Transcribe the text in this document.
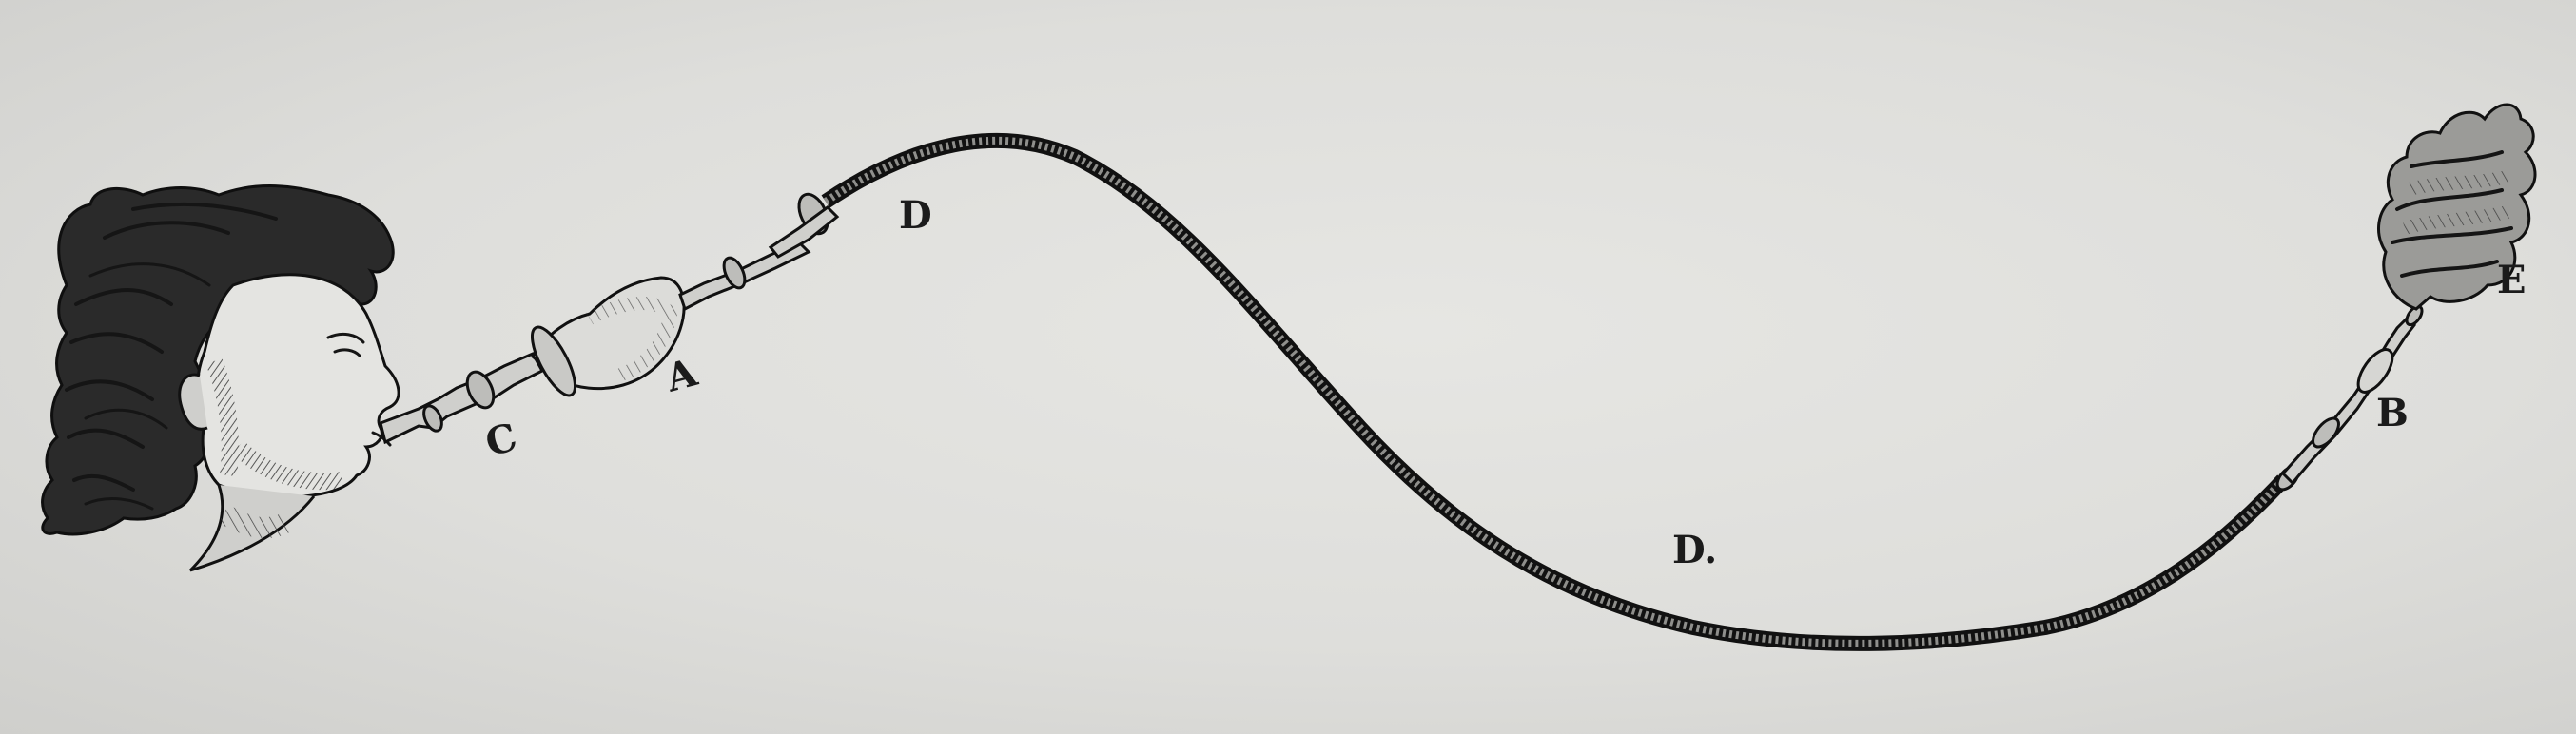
A
B
C
D
D.
E
